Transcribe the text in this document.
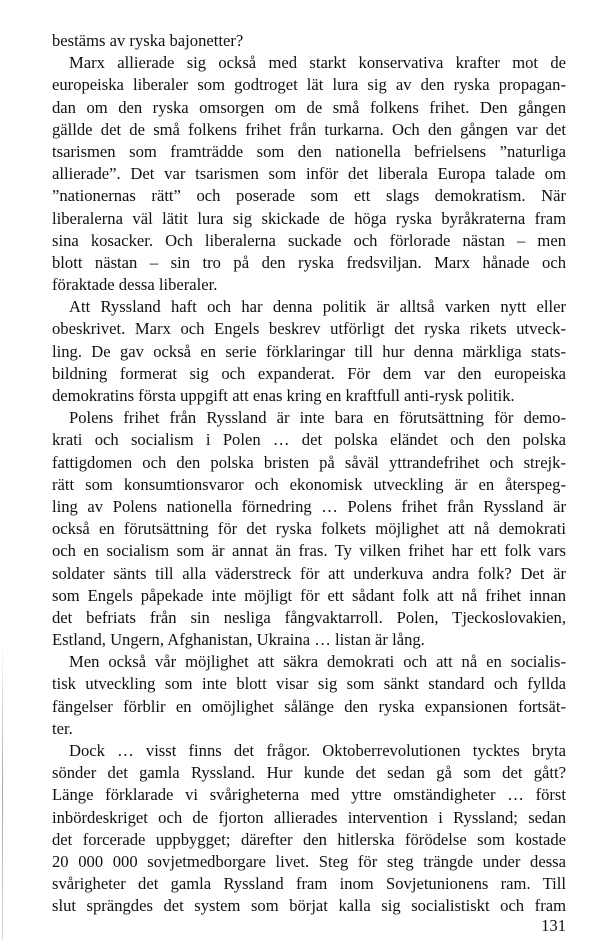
bestäms av ryska bajonetter?
Marx allierade sig också med starkt konservativa krafter mot de
europeiska liberaler som godtroget lät lura sig av den ryska propagan-
dan om den ryska omsorgen om de små folkens frihet. Den gången
gällde det de små folkens frihet från turkarna. Och den gången var det
tsarismen som framträdde som den nationella befrielsens ”naturliga
allierade”. Det var tsarismen som inför det liberala Europa talade om
”nationernas rätt” och poserade som ett slags demokratism. När
liberalerna väl lätit lura sig skickade de höga ryska byråkraterna fram
sina kosacker. Och liberalerna suckade och förlorade nästan – men
blott nästan – sin tro på den ryska fredsviljan. Marx hånade och
föraktade dessa liberaler.
Att Ryssland haft och har denna politik är alltså varken nytt eller
obeskrivet. Marx och Engels beskrev utförligt det ryska rikets utveck-
ling. De gav också en serie förklaringar till hur denna märkliga stats-
bildning formerat sig och expanderat. För dem var den europeiska
demokratins första uppgift att enas kring en kraftfull anti-rysk politik.
Polens frihet från Ryssland är inte bara en förutsättning för demo-
krati och socialism i Polen … det polska eländet och den polska
fattigdomen och den polska bristen på såväl yttrandefrihet och strejk-
rätt som konsumtionsvaror och ekonomisk utveckling är en återspeg-
ling av Polens nationella förnedring … Polens frihet från Ryssland är
också en förutsättning för det ryska folkets möjlighet att nå demokrati
och en socialism som är annat än fras. Ty vilken frihet har ett folk vars
soldater sänts till alla väderstreck för att underkuva andra folk? Det är
som Engels påpekade inte möjligt för ett sådant folk att nå frihet innan
det befriats från sin nesliga fångvaktarroll. Polen, Tjeckoslovakien,
Estland, Ungern, Afghanistan, Ukraina … listan är lång.
Men också vår möjlighet att säkra demokrati och att nå en socialis-
tisk utveckling som inte blott visar sig som sänkt standard och fyllda
fängelser förblir en omöjlighet sålänge den ryska expansionen fortsät-
ter.
Dock … visst finns det frågor. Oktoberrevolutionen tycktes bryta
sönder det gamla Ryssland. Hur kunde det sedan gå som det gått?
Länge förklarade vi svårigheterna med yttre omständigheter … först
inbördeskriget och de fjorton allierades intervention i Ryssland; sedan
det forcerade uppbygget; därefter den hitlerska förödelse som kostade
20 000 000 sovjetmedborgare livet. Steg för steg trängde under dessa
svårigheter det gamla Ryssland fram inom Sovjetunionens ram. Till
slut sprängdes det system som börjat kalla sig socialistiskt och fram
131
